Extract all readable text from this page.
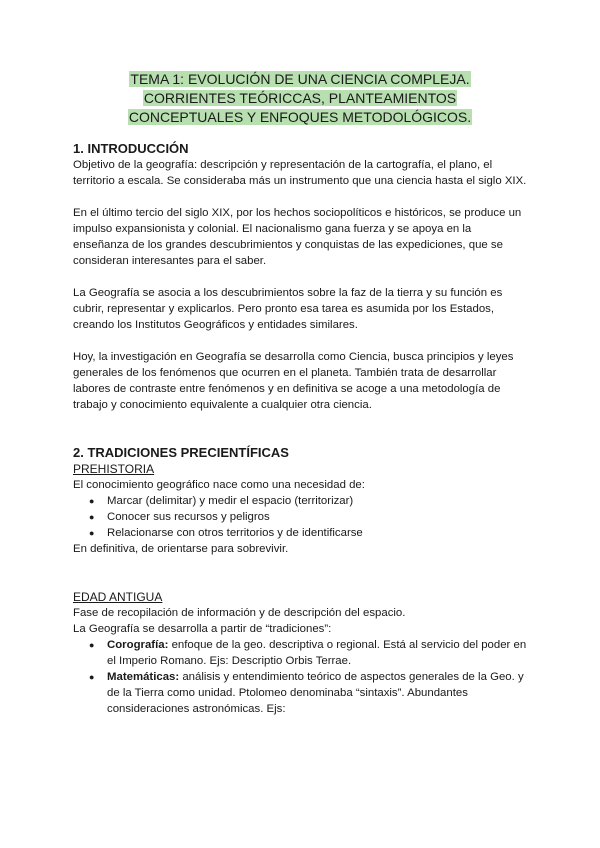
TEMA 1: EVOLUCIÓN DE UNA CIENCIA COMPLEJA.
CORRIENTES TEÓRICCAS, PLANTEAMIENTOS
CONCEPTUALES Y ENFOQUES METODOLÓGICOS.
1. INTRODUCCIÓN

Objetivo de la geografía: descripción y representación de la cartografía, el plano, el territorio a escala. Se consideraba más un instrumento que una ciencia hasta el siglo XIX.

En el último tercio del siglo XIX, por los hechos sociopolíticos e históricos, se produce un impulso expansionista y colonial. El nacionalismo gana fuerza y se apoya en la enseñanza de los grandes descubrimientos y conquistas de las expediciones, que se consideran interesantes para el saber.

La Geografía se asocia a los descubrimientos sobre la faz de la tierra y su función es cubrir, representar y explicarlos. Pero pronto esa tarea es asumida por los Estados, creando los Institutos Geográficos y entidades similares.

Hoy, la investigación en Geografía se desarrolla como Ciencia, busca principios y leyes generales de los fenómenos que ocurren en el planeta. También trata de desarrollar labores de contraste entre fenómenos y en definitiva se acoge a una metodología de trabajo y conocimiento equivalente a cualquier otra ciencia.

2. TRADICIONES PRECIENTÍFICAS
PREHISTORIA

El conocimiento geográfico nace como una necesidad de:

● Marcar (delimitar) y medir el espacio (territorizar)
● Conocer sus recursos y peligros
● Relacionarse con otros territorios y de identificarse

En definitiva, de orientarse para sobrevivir.

EDAD ANTIGUA

Fase de recopilación de información y de descripción del espacio.

La Geografía se desarrolla a partir de “tradiciones”:

● Corografía: enfoque de la geo. descriptiva o regional. Está al servicio del poder en el Imperio Romano. Ejs: Descriptio Orbis Terrae.
● Matemáticas: análisis y entendimiento teórico de aspectos generales de la Geo. y de la Tierra como unidad. Ptolomeo denominaba “sintaxis”. Abundantes consideraciones astronómicas. Ejs:
